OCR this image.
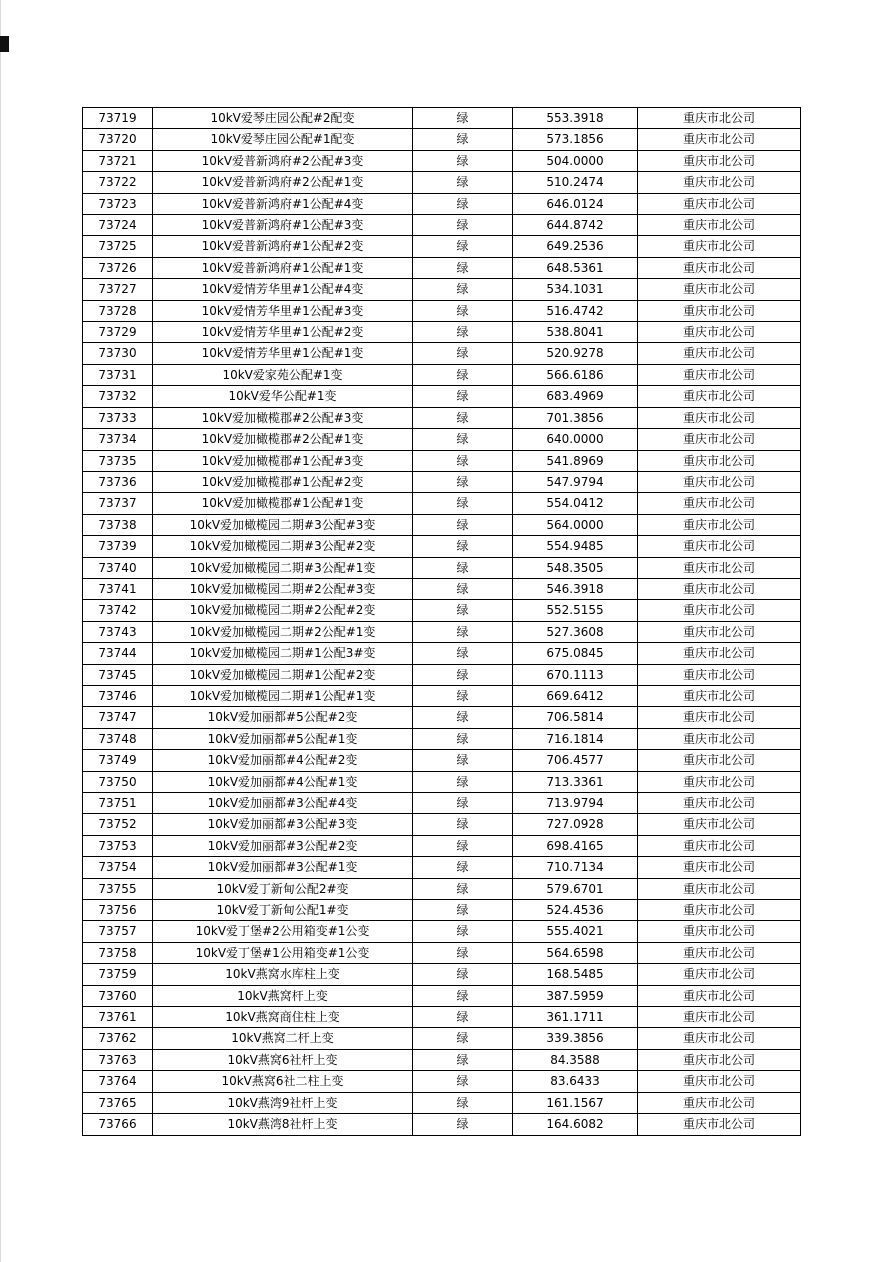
73719	10kV爱琴庄园公配#2配变	绿	553.3918	重庆市北公司
73720	10kV爱琴庄园公配#1配变	绿	573.1856	重庆市北公司
73721	10kV爱普新鸿府#2公配#3变	绿	504.0000	重庆市北公司
73722	10kV爱普新鸿府#2公配#1变	绿	510.2474	重庆市北公司
73723	10kV爱普新鸿府#1公配#4变	绿	646.0124	重庆市北公司
73724	10kV爱普新鸿府#1公配#3变	绿	644.8742	重庆市北公司
73725	10kV爱普新鸿府#1公配#2变	绿	649.2536	重庆市北公司
73726	10kV爱普新鸿府#1公配#1变	绿	648.5361	重庆市北公司
73727	10kV爱情芳华里#1公配#4变	绿	534.1031	重庆市北公司
73728	10kV爱情芳华里#1公配#3变	绿	516.4742	重庆市北公司
73729	10kV爱情芳华里#1公配#2变	绿	538.8041	重庆市北公司
73730	10kV爱情芳华里#1公配#1变	绿	520.9278	重庆市北公司
73731	10kV爱家苑公配#1变	绿	566.6186	重庆市北公司
73732	10kV爱华公配#1变	绿	683.4969	重庆市北公司
73733	10kV爱加橄榄郡#2公配#3变	绿	701.3856	重庆市北公司
73734	10kV爱加橄榄郡#2公配#1变	绿	640.0000	重庆市北公司
73735	10kV爱加橄榄郡#1公配#3变	绿	541.8969	重庆市北公司
73736	10kV爱加橄榄郡#1公配#2变	绿	547.9794	重庆市北公司
73737	10kV爱加橄榄郡#1公配#1变	绿	554.0412	重庆市北公司
73738	10kV爱加橄榄园二期#3公配#3变	绿	564.0000	重庆市北公司
73739	10kV爱加橄榄园二期#3公配#2变	绿	554.9485	重庆市北公司
73740	10kV爱加橄榄园二期#3公配#1变	绿	548.3505	重庆市北公司
73741	10kV爱加橄榄园二期#2公配#3变	绿	546.3918	重庆市北公司
73742	10kV爱加橄榄园二期#2公配#2变	绿	552.5155	重庆市北公司
73743	10kV爱加橄榄园二期#2公配#1变	绿	527.3608	重庆市北公司
73744	10kV爱加橄榄园二期#1公配3#变	绿	675.0845	重庆市北公司
73745	10kV爱加橄榄园二期#1公配#2变	绿	670.1113	重庆市北公司
73746	10kV爱加橄榄园二期#1公配#1变	绿	669.6412	重庆市北公司
73747	10kV爱加丽都#5公配#2变	绿	706.5814	重庆市北公司
73748	10kV爱加丽都#5公配#1变	绿	716.1814	重庆市北公司
73749	10kV爱加丽都#4公配#2变	绿	706.4577	重庆市北公司
73750	10kV爱加丽都#4公配#1变	绿	713.3361	重庆市北公司
73751	10kV爱加丽都#3公配#4变	绿	713.9794	重庆市北公司
73752	10kV爱加丽都#3公配#3变	绿	727.0928	重庆市北公司
73753	10kV爱加丽都#3公配#2变	绿	698.4165	重庆市北公司
73754	10kV爱加丽都#3公配#1变	绿	710.7134	重庆市北公司
73755	10kV爱丁新甸公配2#变	绿	579.6701	重庆市北公司
73756	10kV爱丁新甸公配1#变	绿	524.4536	重庆市北公司
73757	10kV爱丁堡#2公用箱变#1公变	绿	555.4021	重庆市北公司
73758	10kV爱丁堡#1公用箱变#1公变	绿	564.6598	重庆市北公司
73759	10kV燕窝水库柱上变	绿	168.5485	重庆市北公司
73760	10kV燕窝杆上变	绿	387.5959	重庆市北公司
73761	10kV燕窝商住柱上变	绿	361.1711	重庆市北公司
73762	10kV燕窝二杆上变	绿	339.3856	重庆市北公司
73763	10kV燕窝6社杆上变	绿	84.3588	重庆市北公司
73764	10kV燕窝6社二柱上变	绿	83.6433	重庆市北公司
73765	10kV燕湾9社杆上变	绿	161.1567	重庆市北公司
73766	10kV燕湾8社杆上变	绿	164.6082	重庆市北公司
